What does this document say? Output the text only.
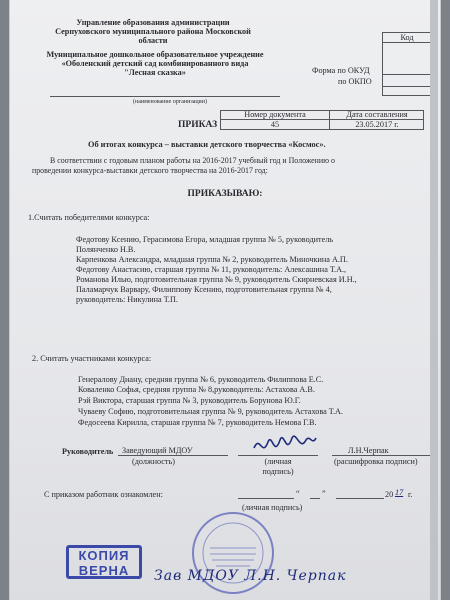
Управление образования администрации
Серпуховского муниципального района Московской
области
Муниципальное дошкольное образовательное учреждение
«Оболенский детский сад комбинированного вида
"Лесная сказка»
(наименование организации)
Код
Форма по ОКУД
по ОКПО
ПРИКАЗ
Номер документа
45
Дата составления
23.05.2017 г.
Об итогах конкурса – выставки детского творчества «Космос».
В соответствии с годовым планом работы на 2016-2017 учебный год и Положению о
проведении конкурса-выставки детского творчества на 2016-2017 год:
ПРИКАЗЫВАЮ:
1.Считать победителями конкурса:
Федотову Ксению, Герасимова Егора, младшая группа № 5, руководитель
Полянченко Н.В.
Карпенкова Александра, младшая группа № 2, руководитель Миночкина А.П.
Федотову Анастасию, старшая группа № 11, руководитель: Алексашина Т.А.,
Романова Илью, подготовительная группа № 9, руководитель Скирневская И.Н.,
Паламарчук Варвару, Филиппову Ксению, подготовительная группа № 4,
руководитель: Никулина Т.П.
2. Считать участниками конкурса:
Генералову Диану, средняя группа № 6, руководитель Филиппова Е.С.
Коваленко Софья, средняя группа № 8,руководитель: Астахова А.В.
Рэй Виктора, старшая группа № 3, руководитель Борунова Ю.Г.
Чуваеву Софию, подготовительная группа № 9, руководитель Астахова Т.А.
Федосеева Кирилла, старшая группа № 7, руководитель Немова Г.В.
Руководитель Заведующий МДОУ
(должность)	(личная
подпись)
Л.Н.Черпак
(расшифровка подписи)
С приказом работник ознакомлен:	“	”	20 17 г.
(личная подпись)
КОПИЯ
ВЕРНА	Зав МДОУ Л.Н. Черпак
